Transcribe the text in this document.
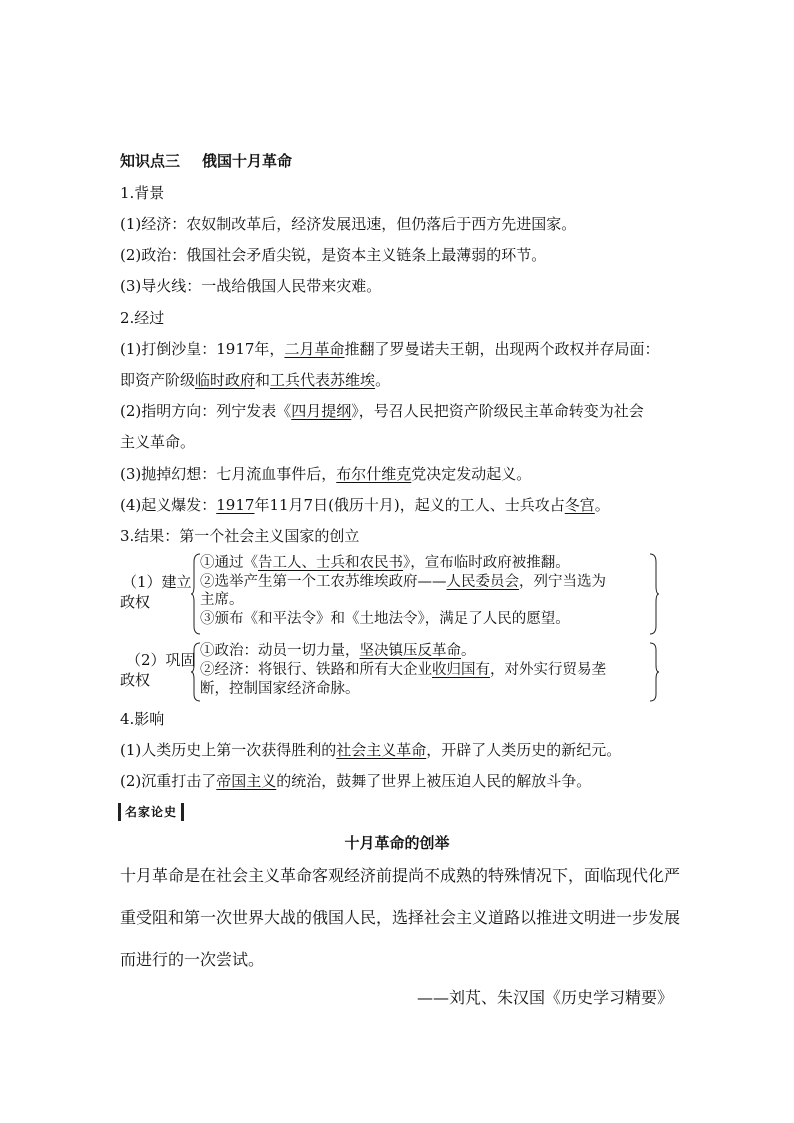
知识点三 俄国十月革命
1.背景
(1)经济：农奴制改革后，经济发展迅速，但仍落后于西方先进国家。
(2)政治：俄国社会矛盾尖锐，是资本主义链条上最薄弱的环节。
(3)导火线：一战给俄国人民带来灾难。
2.经过
(1)打倒沙皇：1917年，二月革命推翻了罗曼诺夫王朝，出现两个政权并存局面：
即资产阶级临时政府和工兵代表苏维埃。
(2)指明方向：列宁发表《四月提纲》，号召人民把资产阶级民主革命转变为社会
主义革命。
(3)抛掉幻想：七月流血事件后，布尔什维克党决定发动起义。
(4)起义爆发：1917年11月7日(俄历十月)，起义的工人、士兵攻占冬宫。
3.结果：第一个社会主义国家的创立
（1）建立
政权
①通过《告工人、士兵和农民书》，宣布临时政府被推翻。
②选举产生第一个工农苏维埃政府——人民委员会，列宁当选为
主席。
③颁布《和平法令》和《土地法令》，满足了人民的愿望。
（2）巩固
政权
①政治：动员一切力量，坚决镇压反革命。
②经济：将银行、铁路和所有大企业收归国有，对外实行贸易垄
断，控制国家经济命脉。
4.影响
(1)人类历史上第一次获得胜利的社会主义革命，开辟了人类历史的新纪元。
(2)沉重打击了帝国主义的统治，鼓舞了世界上被压迫人民的解放斗争。
名家论史
十月革命的创举
十月革命是在社会主义革命客观经济前提尚不成熟的特殊情况下，面临现代化严
重受阻和第一次世界大战的俄国人民，选择社会主义道路以推进文明进一步发展
而进行的一次尝试。
——刘芃、朱汉国《历史学习精要》
